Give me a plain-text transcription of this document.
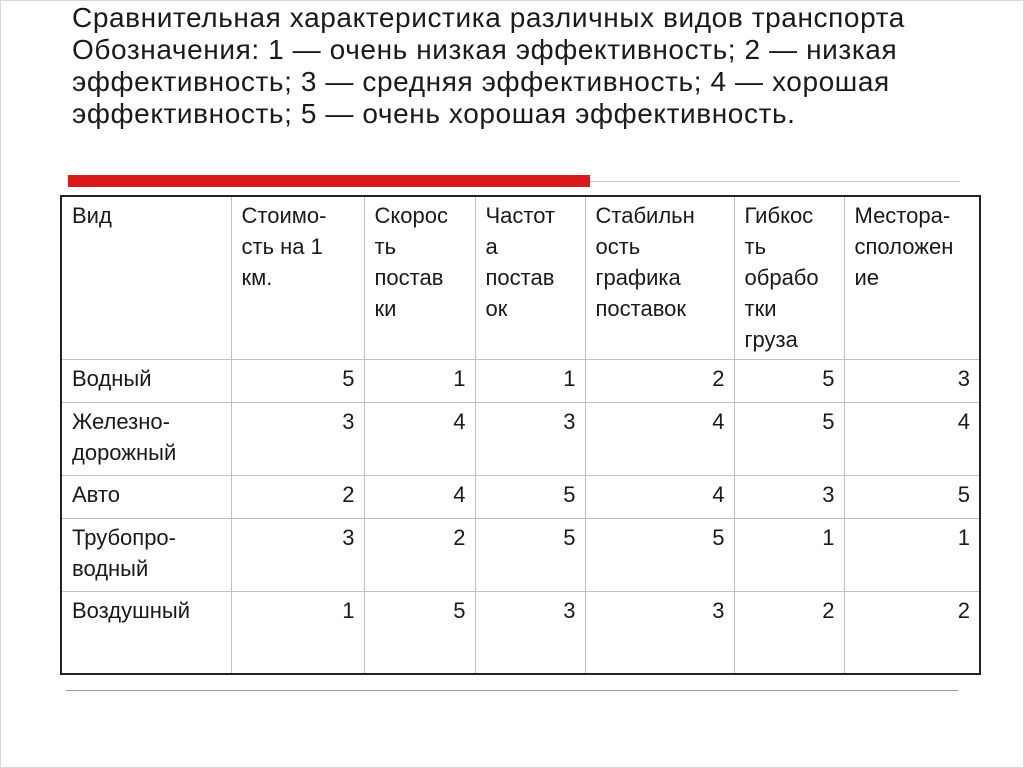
Сравнительная характеристика различных видов транспорта Обозначения: 1 — очень низкая эффективность; 2 — низкая эффективность; 3 — средняя эффективность; 4 — хорошая эффективность; 5 — очень хорошая эффективность.
Вид	Стоимо-
сть на 1
км.	Скорос
ть
постав
ки	Частот
а
постав
ок	Стабильн
ость
графика
поставок	Гибкос
ть
обрабо
тки
груза	Местора-
сположен
ие
Водный	5	1	1	2	5	3
Железно-
дорожный	3	4	3	4	5	4
Авто	2	4	5	4	3	5
Трубопро-
водный	3	2	5	5	1	1
Воздушный	1	5	3	3	2	2
